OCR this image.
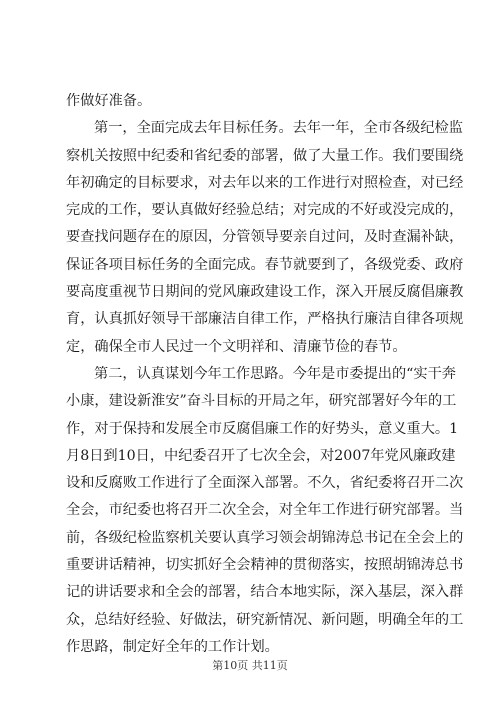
作做好准备。
第一，全面完成去年目标任务。去年一年，全市各级纪检监
察机关按照中纪委和省纪委的部署，做了大量工作。我们要围绕
年初确定的目标要求，对去年以来的工作进行对照检查，对已经
完成的工作，要认真做好经验总结；对完成的不好或没完成的，
要查找问题存在的原因，分管领导要亲自过问，及时查漏补缺，
保证各项目标任务的全面完成。春节就要到了，各级党委、政府
要高度重视节日期间的党风廉政建设工作，深入开展反腐倡廉教
育，认真抓好领导干部廉洁自律工作，严格执行廉洁自律各项规
定，确保全市人民过一个文明祥和、清廉节俭的春节。
第二，认真谋划今年工作思路。今年是市委提出的“实干奔
小康，建设新淮安”奋斗目标的开局之年，研究部署好今年的工
作，对于保持和发展全市反腐倡廉工作的好势头，意义重大。1
月8日到10日，中纪委召开了七次全会，对2007年党风廉政建
设和反腐败工作进行了全面深入部署。不久，省纪委将召开二次
全会，市纪委也将召开二次全会，对全年工作进行研究部署。当
前，各级纪检监察机关要认真学习领会胡锦涛总书记在全会上的
重要讲话精神，切实抓好全会精神的贯彻落实，按照胡锦涛总书
记的讲话要求和全会的部署，结合本地实际，深入基层，深入群
众，总结好经验、好做法，研究新情况、新问题，明确全年的工
作思路，制定好全年的工作计划。
第10页 共11页
